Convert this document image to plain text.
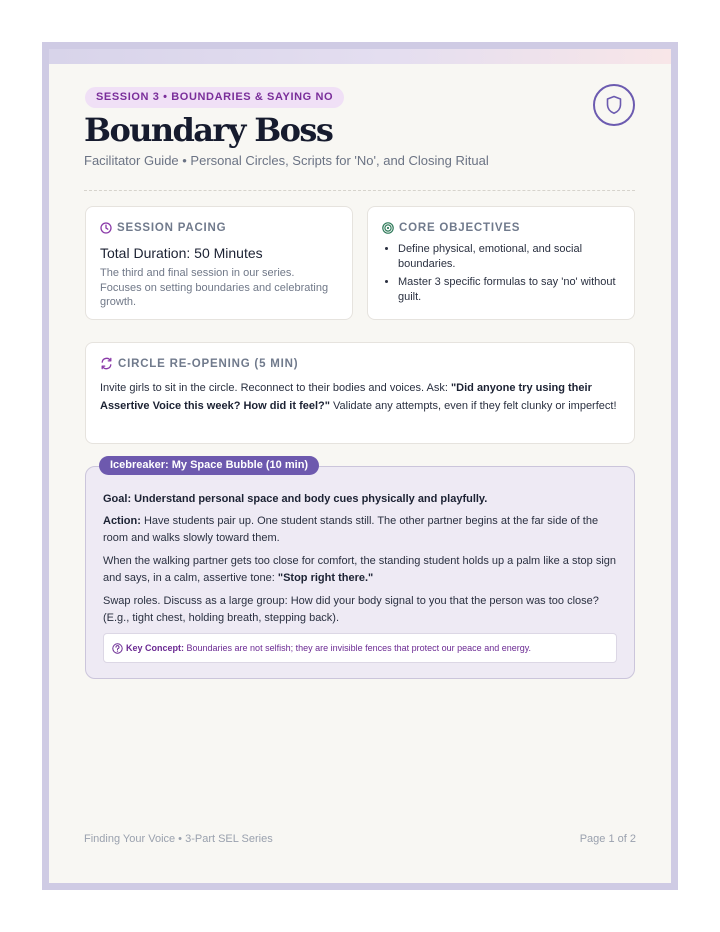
SESSION 3 • BOUNDARIES & SAYING NO
Boundary Boss
Facilitator Guide • Personal Circles, Scripts for 'No', and Closing Ritual
SESSION PACING
Total Duration: 50 Minutes
The third and final session in our series. Focuses on setting boundaries and celebrating growth.
CORE OBJECTIVES
• Define physical, emotional, and social boundaries.
• Master 3 specific formulas to say 'no' without guilt.
CIRCLE RE-OPENING (5 MIN)
Invite girls to sit in the circle. Reconnect to their bodies and voices. Ask: "Did anyone try using their Assertive Voice this week? How did it feel?" Validate any attempts, even if they felt clunky or imperfect!

Goal: Understand personal space and body cues physically and playfully.

Action: Have students pair up. One student stands still. The other partner begins at the far side of the room and walks slowly toward them.

When the walking partner gets too close for comfort, the standing student holds up a palm like a stop sign and says, in a calm, assertive tone: "Stop right there."

Swap roles. Discuss as a large group: How did your body signal to you that the person was too close? (E.g., tight chest, holding breath, stepping back).

Key Concept: Boundaries are not selfish; they are invisible fences that protect our peace and energy.
Icebreaker: My Space Bubble (10 min)
Finding Your Voice • 3-Part SEL Series	Page 1 of 2
